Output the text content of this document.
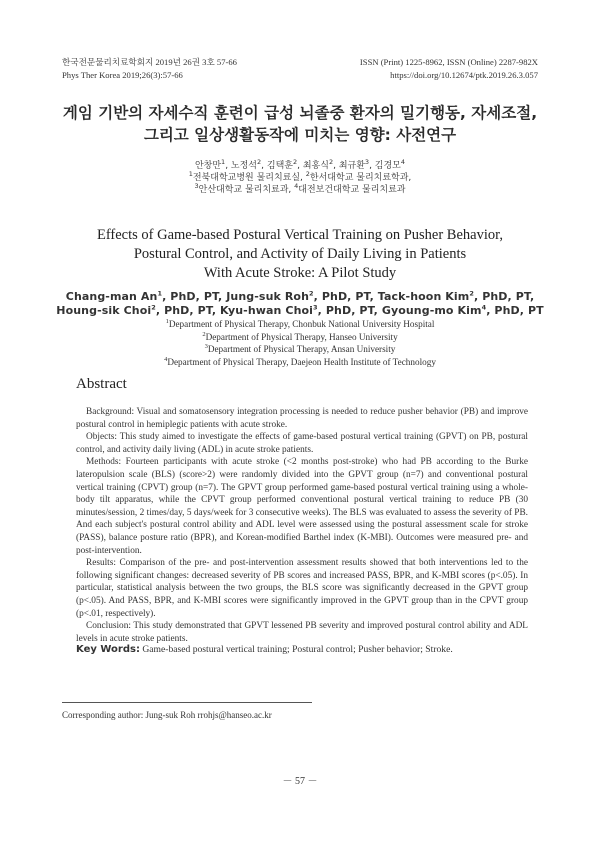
한국전문물리치료학회지 2019년 26권 3호 57-66
Phys Ther Korea 2019;26(3):57-66
ISSN (Print) 1225-8962, ISSN (Online) 2287-982X
https://doi.org/10.12674/ptk.2019.26.3.057
게임 기반의 자세수직 훈련이 급성 뇌졸중 환자의 밀기행동, 자세조절,
그리고 일상생활동작에 미치는 영향: 사전연구
안창만$^1$, 노정석$^2$, 김택훈$^2$, 최홍식$^2$, 최규환$^3$, 김경모$^4$
$^1$전북대학교병원 물리치료실, $^2$한서대학교 물리치료학과,
$^3$안산대학교 물리치료과, $^4$대전보건대학교 물리치료과
Effects of Game-based Postural Vertical Training on Pusher Behavior,
Postural Control, and Activity of Daily Living in Patients
With Acute Stroke: A Pilot Study
Chang-man An$^1$, PhD, PT, Jung-suk Roh$^2$, PhD, PT, Tack-hoon Kim$^2$, PhD, PT,
Houng-sik Choi$^2$, PhD, PT, Kyu-hwan Choi$^3$, PhD, PT, Gyoung-mo Kim$^4$, PhD, PT
$^1$Department of Physical Therapy, Chonbuk National University Hospital
$^2$Department of Physical Therapy, Hanseo University
$^3$Department of Physical Therapy, Ansan University
$^4$Department of Physical Therapy, Daejeon Health Institute of Technology
Abstract

Background: Visual and somatosensory integration processing is needed to reduce pusher behavior (PB) and improve postural control in hemiplegic patients with acute stroke.

Objects: This study aimed to investigate the effects of game-based postural vertical training (GPVT) on PB, postural control, and activity daily living (ADL) in acute stroke patients.

Methods: Fourteen participants with acute stroke (<2 months post-stroke) who had PB according to the Burke lateropulsion scale (BLS) (score>2) were randomly divided into the GPVT group (n=7) and conventional postural vertical training (CPVT) group (n=7). The GPVT group performed game-based postural vertical training using a whole-body tilt apparatus, while the CPVT group performed conventional postural vertical training to reduce PB (30 minutes/session, 2 times/day, 5 days/week for 3 consecutive weeks). The BLS was evaluated to assess the severity of PB. And each subject's postural control ability and ADL level were assessed using the postural assessment scale for stroke (PASS), balance posture ratio (BPR), and Korean-modified Barthel index (K-MBI). Outcomes were measured pre- and post-intervention.

Results: Comparison of the pre- and post-intervention assessment results showed that both interventions led to the following significant changes: decreased severity of PB scores and increased PASS, BPR, and K-MBI scores (p<.05). In particular, statistical analysis between the two groups, the BLS score was significantly decreased in the GPVT group (p<.05). And PASS, BPR, and K-MBI scores were significantly improved in the GPVT group than in the CPVT group (p<.01, respectively).

Conclusion: This study demonstrated that GPVT lessened PB severity and improved postural control ability and ADL levels in acute stroke patients.

Key Words: Game-based postural vertical training; Postural control; Pusher behavior; Stroke.
Corresponding author: Jung-suk Roh rrohjs@hanseo.ac.kr
－ 57 －
